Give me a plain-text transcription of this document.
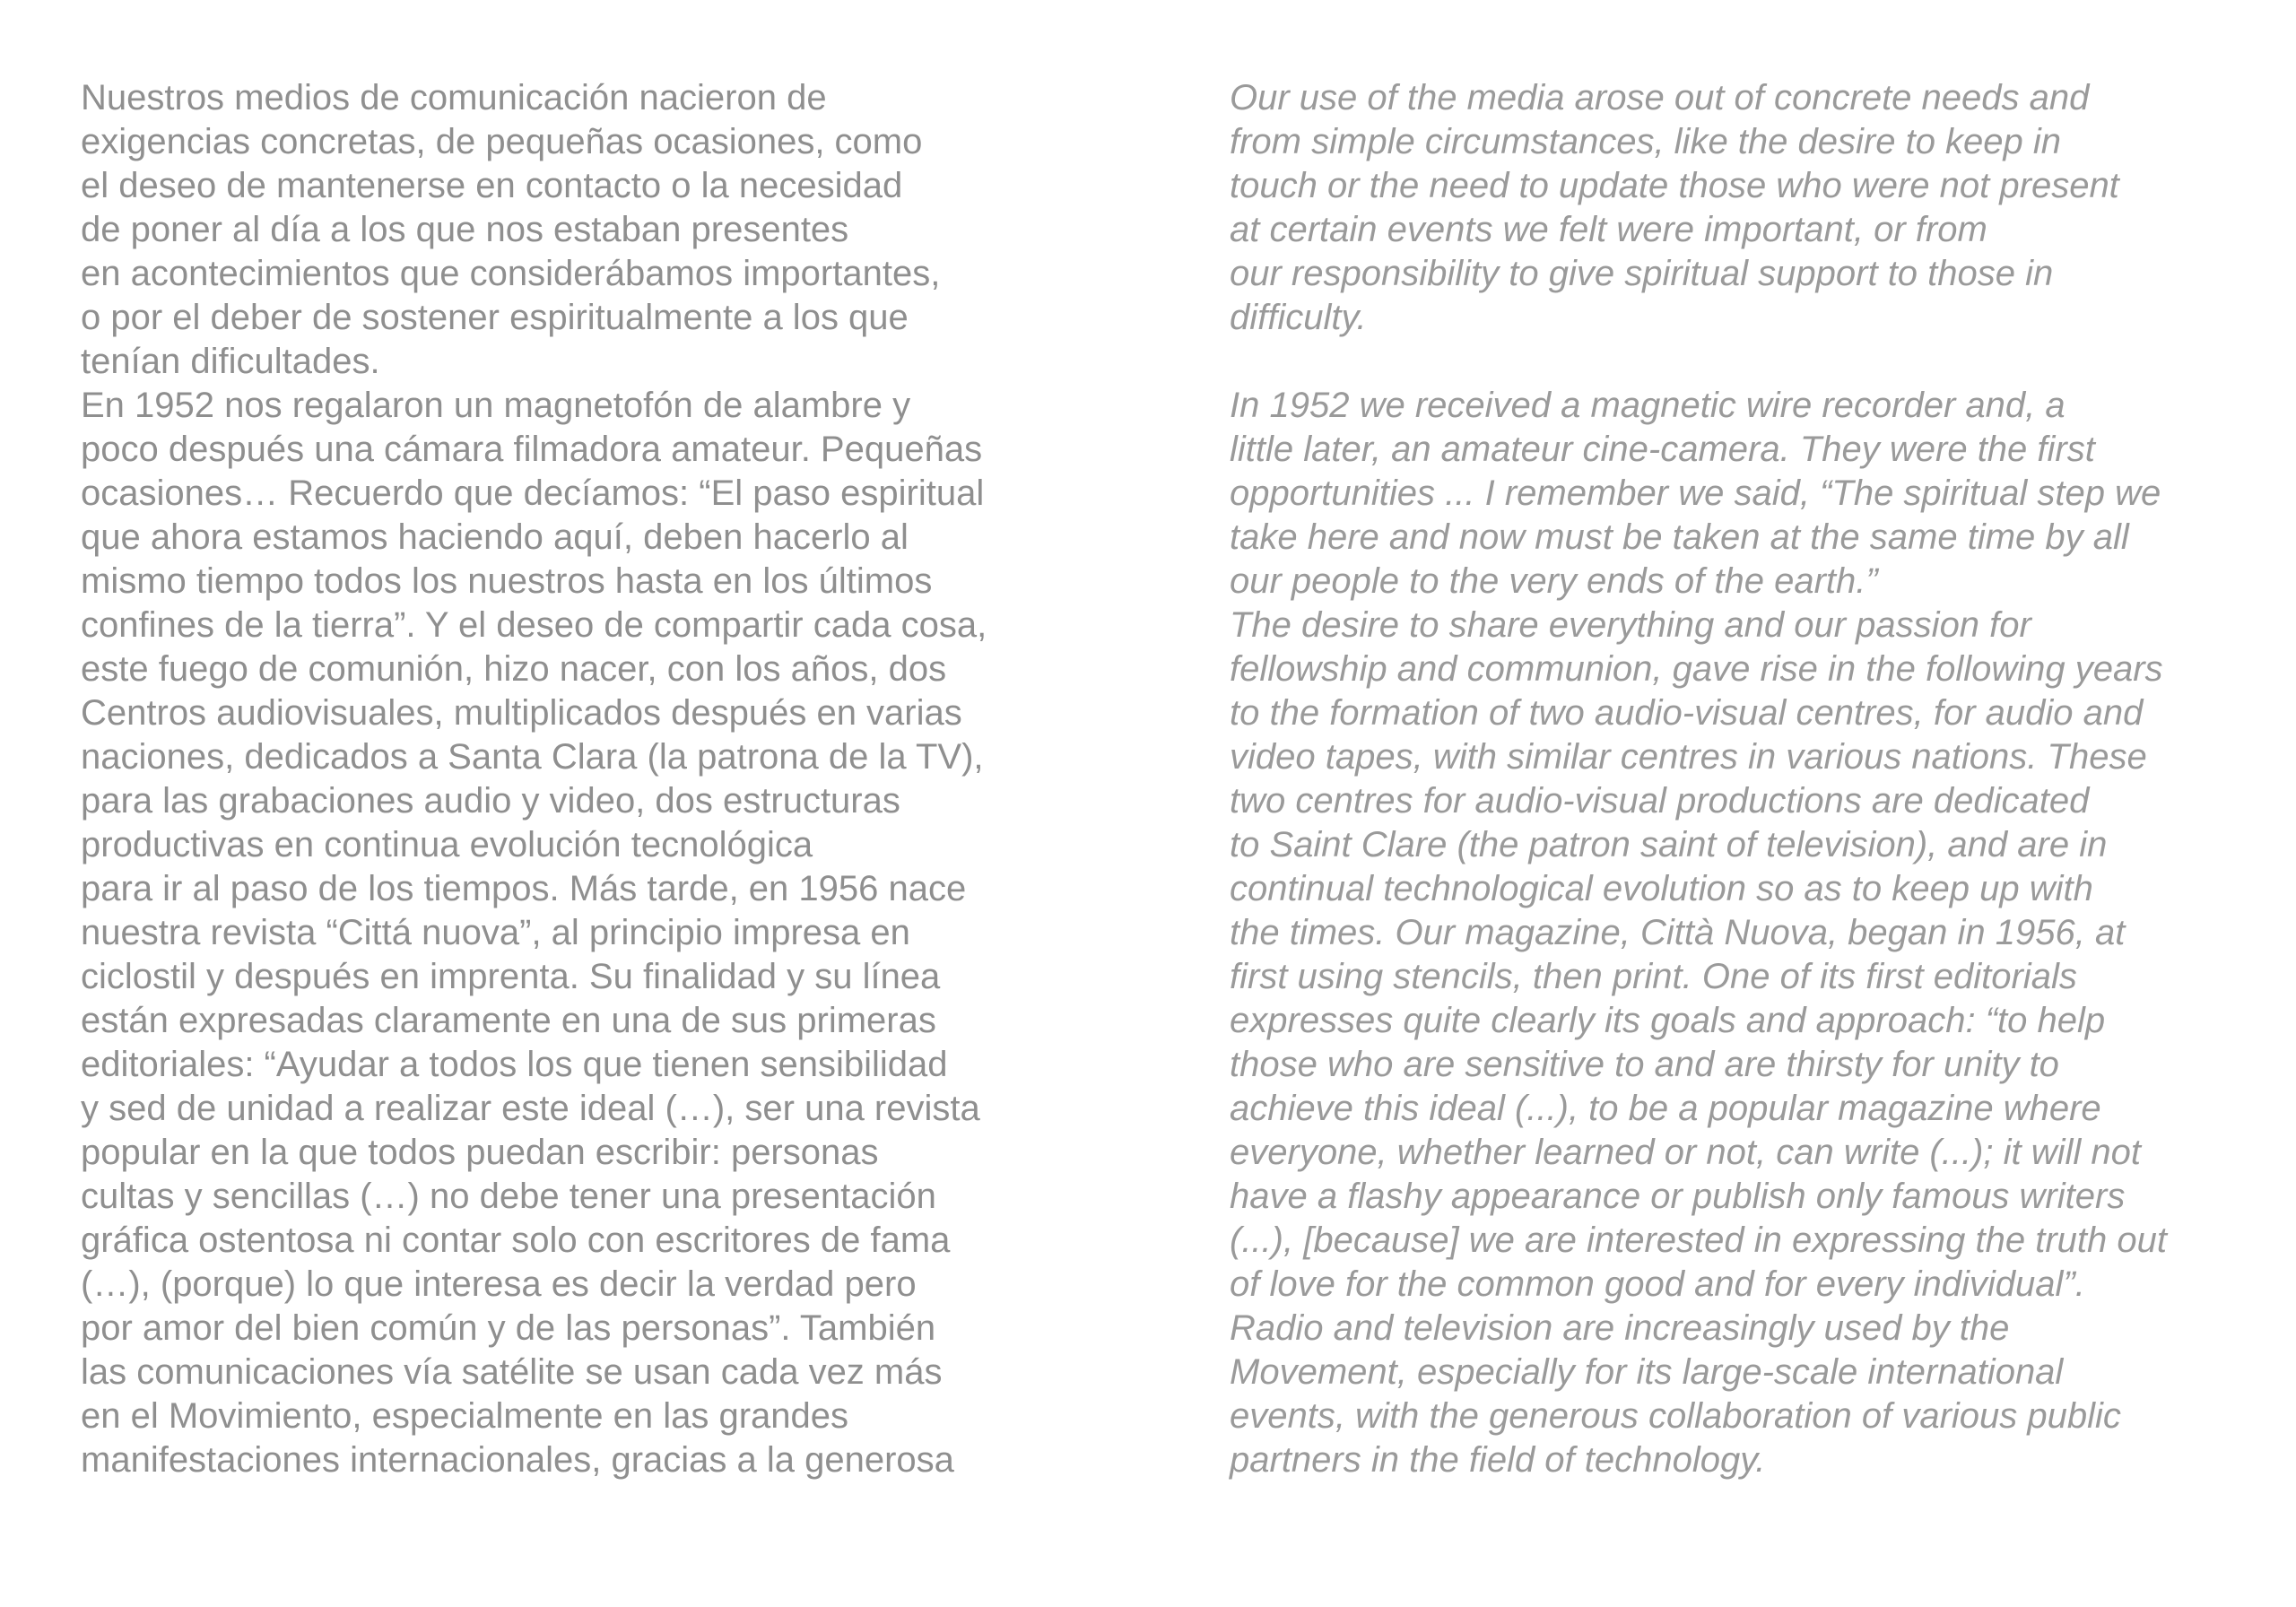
Nuestros medios de comunicación nacieron de
exigencias concretas, de pequeñas ocasiones, como
el deseo de mantenerse en contacto o la necesidad
de poner al día a los que nos estaban presentes
en acontecimientos que considerábamos importantes,
o por el deber de sostener espiritualmente a los que
tenían dificultades.
En 1952 nos regalaron un magnetofón de alambre y
poco después una cámara filmadora amateur. Pequeñas
ocasiones… Recuerdo que decíamos: “El paso espiritual
que ahora estamos haciendo aquí, deben hacerlo al
mismo tiempo todos los nuestros hasta en los últimos
confines de la tierra”. Y el deseo de compartir cada cosa,
este fuego de comunión, hizo nacer, con los años, dos
Centros audiovisuales, multiplicados después en varias
naciones, dedicados a Santa Clara (la patrona de la TV),
para las grabaciones audio y video, dos estructuras
productivas en continua evolución tecnológica
para ir al paso de los tiempos. Más tarde, en 1956 nace
nuestra revista “Cittá nuova”, al principio impresa en
ciclostil y después en imprenta. Su finalidad y su línea
están expresadas claramente en una de sus primeras
editoriales: “Ayudar a todos los que tienen sensibilidad
y sed de unidad a realizar este ideal (…), ser una revista
popular en la que todos puedan escribir: personas
cultas y sencillas (…) no debe tener una presentación
gráfica ostentosa ni contar solo con escritores de fama
(…), (porque) lo que interesa es decir la verdad pero
por amor del bien común y de las personas”. También
las comunicaciones vía satélite se usan cada vez más
en el Movimiento, especialmente en las grandes
manifestaciones internacionales, gracias a la generosa
Our use of the media arose out of concrete needs and
from simple circumstances, like the desire to keep in
touch or the need to update those who were not present
at certain events we felt were important, or from
our responsibility to give spiritual support to those in
difficulty.
In 1952 we received a magnetic wire recorder and, a
little later, an amateur cine-camera. They were the first
opportunities ... I remember we said, “The spiritual step we
take here and now must be taken at the same time by all
our people to the very ends of the earth.”
The desire to share everything and our passion for
fellowship and communion, gave rise in the following years
to the formation of two audio-visual centres, for audio and
video tapes, with similar centres in various nations. These
two centres for audio-visual productions are dedicated
to Saint Clare (the patron saint of television), and are in
continual technological evolution so as to keep up with
the times. Our magazine, Città Nuova, began in 1956, at
first using stencils, then print. One of its first editorials
expresses quite clearly its goals and approach: “to help
those who are sensitive to and are thirsty for unity to
achieve this ideal (...), to be a popular magazine where
everyone, whether learned or not, can write (...); it will not
have a flashy appearance or publish only famous writers
(...), [because] we are interested in expressing the truth out
of love for the common good and for every individual”.
Radio and television are increasingly used by the
Movement, especially for its large-scale international
events, with the generous collaboration of various public
partners in the field of technology.
